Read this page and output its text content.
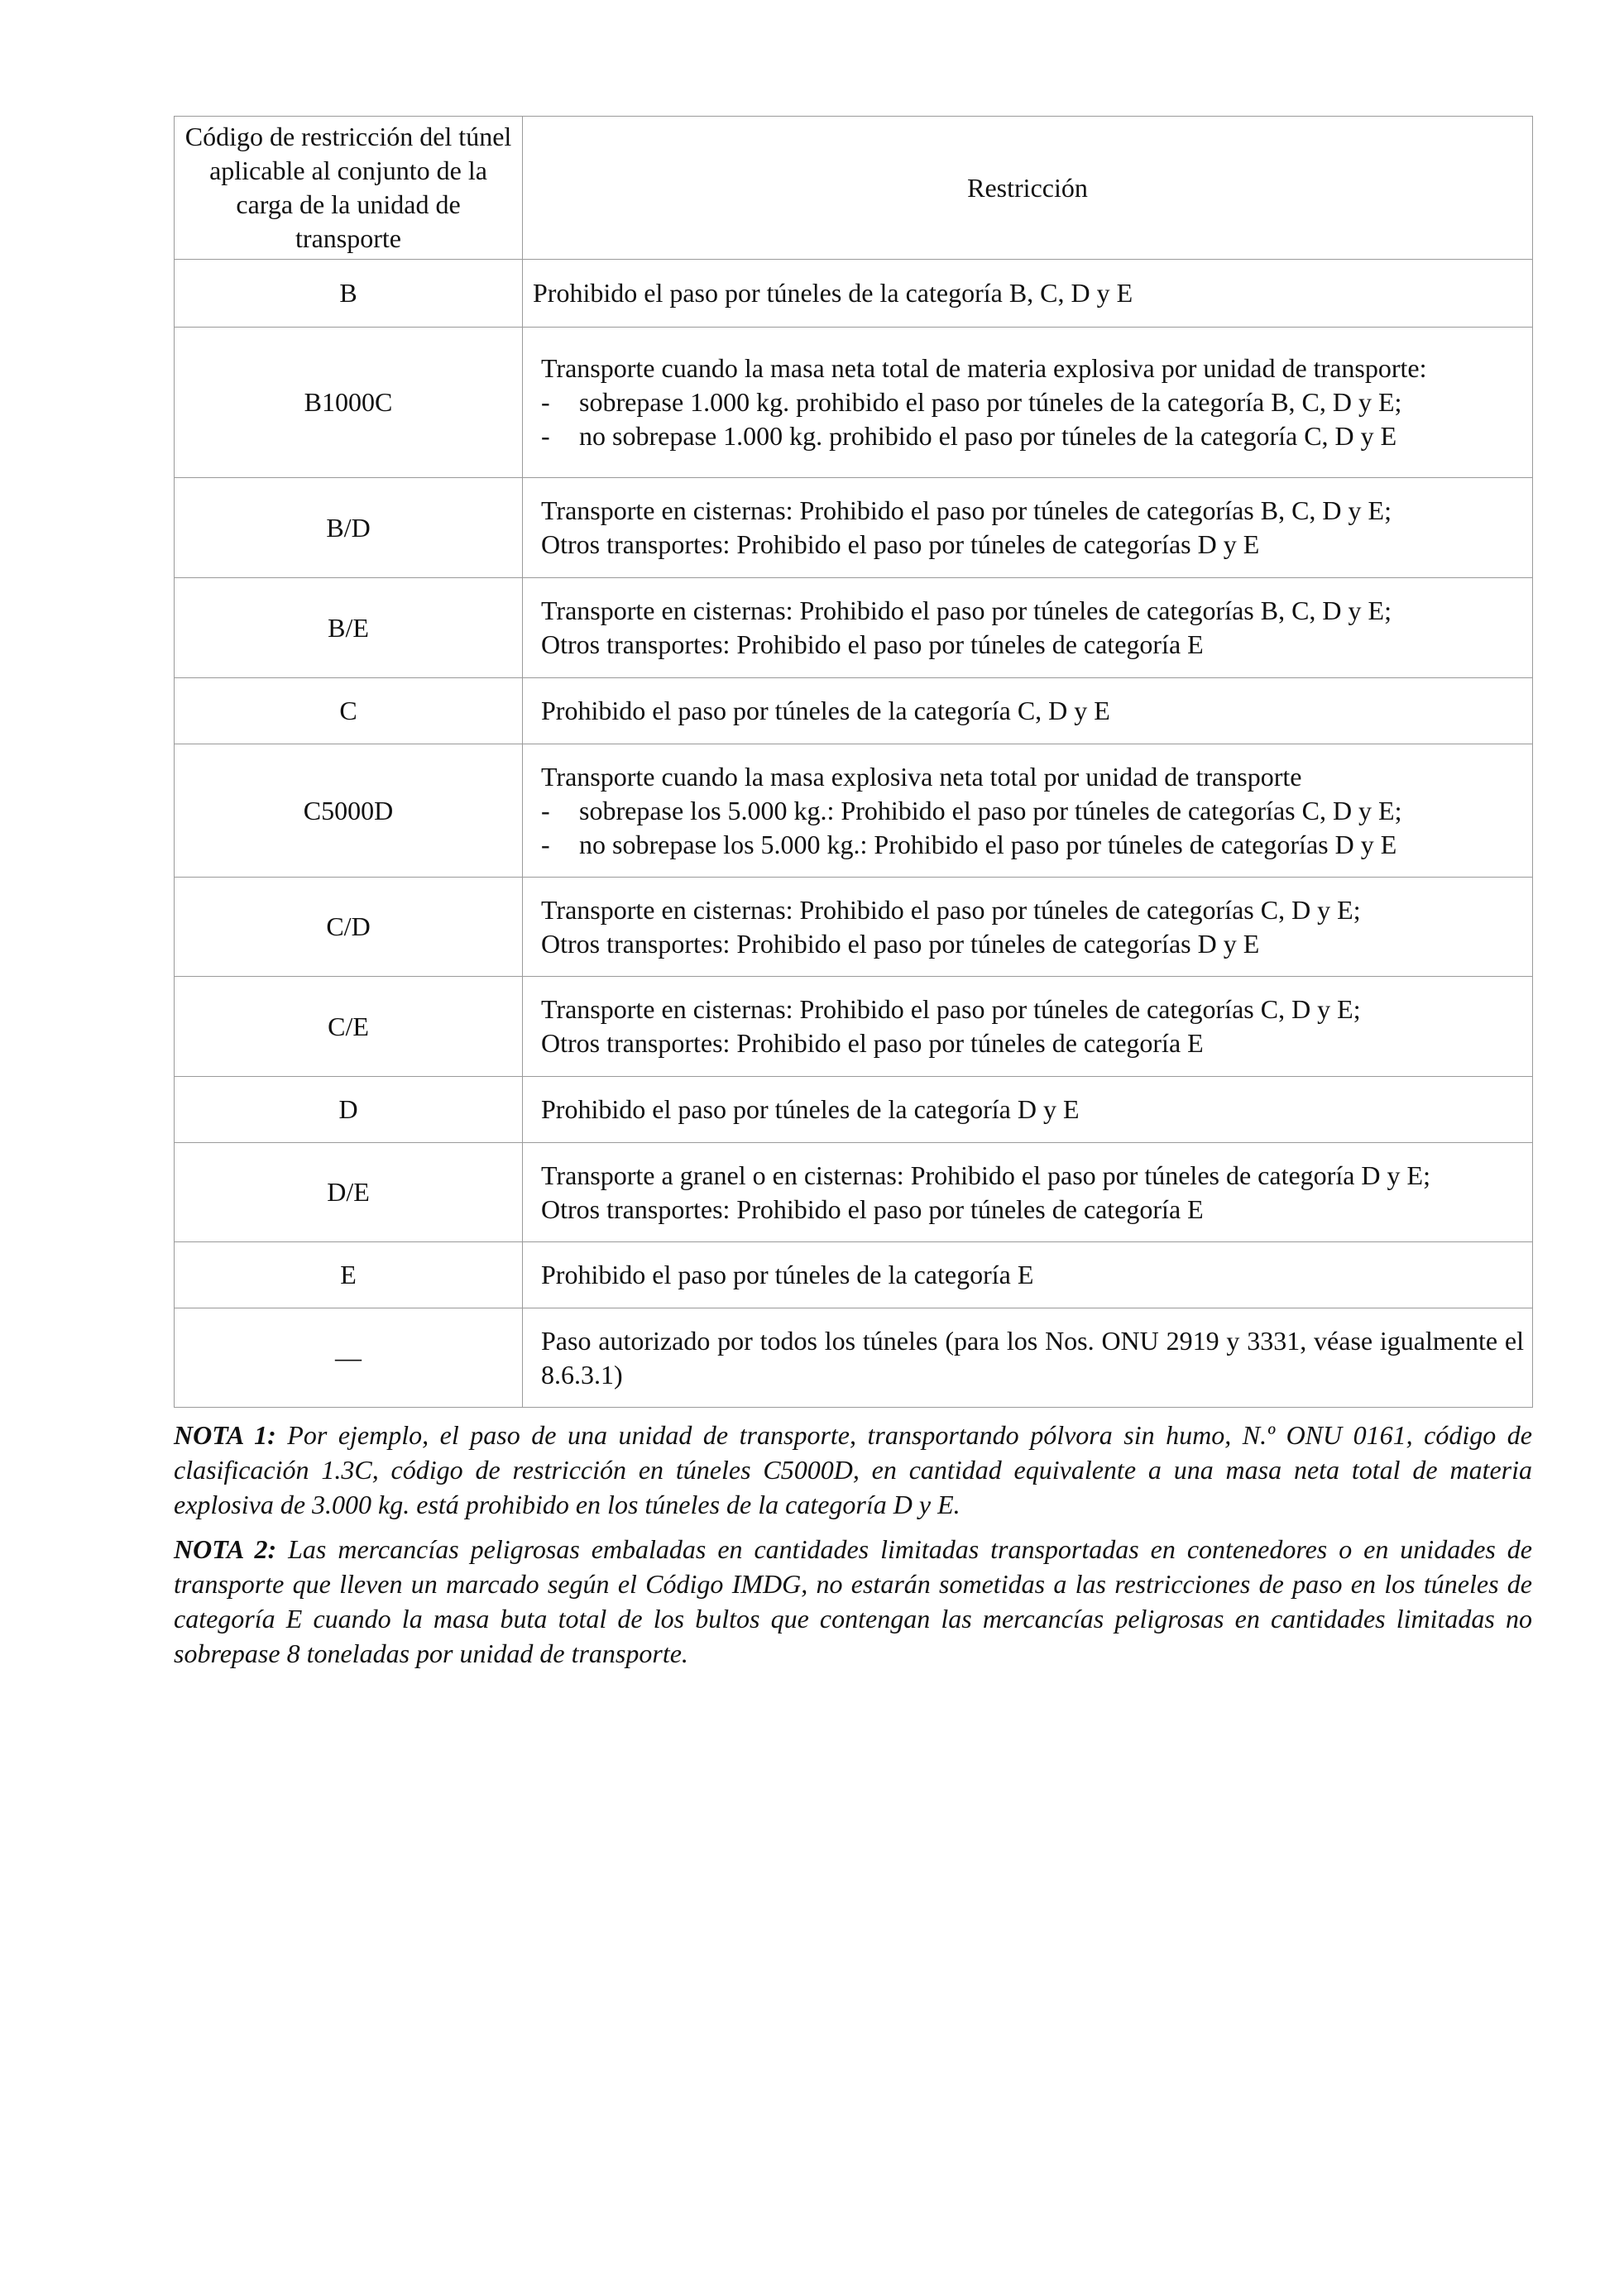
Código de restricción del túnel aplicable al conjunto de la carga de la unidad de transporte	Restricción
B	Prohibido el paso por túneles de la categoría B, C, D y E
B1000C	Transporte cuando la masa neta total de materia explosiva por unidad de transporte:
- sobrepase 1.000 kg. prohibido el paso por túneles de la categoría B, C, D y E;
- no sobrepase 1.000 kg. prohibido el paso por túneles de la categoría C, D y E

B/D	Transporte en cisternas: Prohibido el paso por túneles de categorías B, C, D y E;
Otros transportes: Prohibido el paso por túneles de categorías D y E

B/E	Transporte en cisternas: Prohibido el paso por túneles de categorías B, C, D y E;
Otros transportes: Prohibido el paso por túneles de categoría E

C	Prohibido el paso por túneles de la categoría C, D y E
C5000D	Transporte cuando la masa explosiva neta total por unidad de transporte
- sobrepase los 5.000 kg.: Prohibido el paso por túneles de categorías C, D y E;
- no sobrepase los 5.000 kg.: Prohibido el paso por túneles de categorías D y E

C/D	Transporte en cisternas: Prohibido el paso por túneles de categorías C, D y E;
Otros transportes: Prohibido el paso por túneles de categorías D y E

C/E	Transporte en cisternas: Prohibido el paso por túneles de categorías C, D y E;
Otros transportes: Prohibido el paso por túneles de categoría E

D	Prohibido el paso por túneles de la categoría D y E
D/E	Transporte a granel o en cisternas: Prohibido el paso por túneles de categoría D y E;
Otros transportes: Prohibido el paso por túneles de categoría E

E	Prohibido el paso por túneles de la categoría E
—	Paso autorizado por todos los túneles (para los Nos. ONU 2919 y 3331, véase igualmente el 8.6.3.1)

NOTA 1: Por ejemplo, el paso de una unidad de transporte, transportando pólvora sin humo, N.º ONU 0161, código de clasificación 1.3C, código de restricción en túneles C5000D, en cantidad equivalente a una masa neta total de materia explosiva de 3.000 kg. está prohibido en los túneles de la categoría D y E.

NOTA 2: Las mercancías peligrosas embaladas en cantidades limitadas transportadas en contenedores o en unidades de transporte que lleven un marcado según el Código IMDG, no estarán sometidas a las restricciones de paso en los túneles de categoría E cuando la masa buta total de los bultos que contengan las mercancías peligrosas en cantidades limitadas no sobrepase 8 toneladas por unidad de transporte.
